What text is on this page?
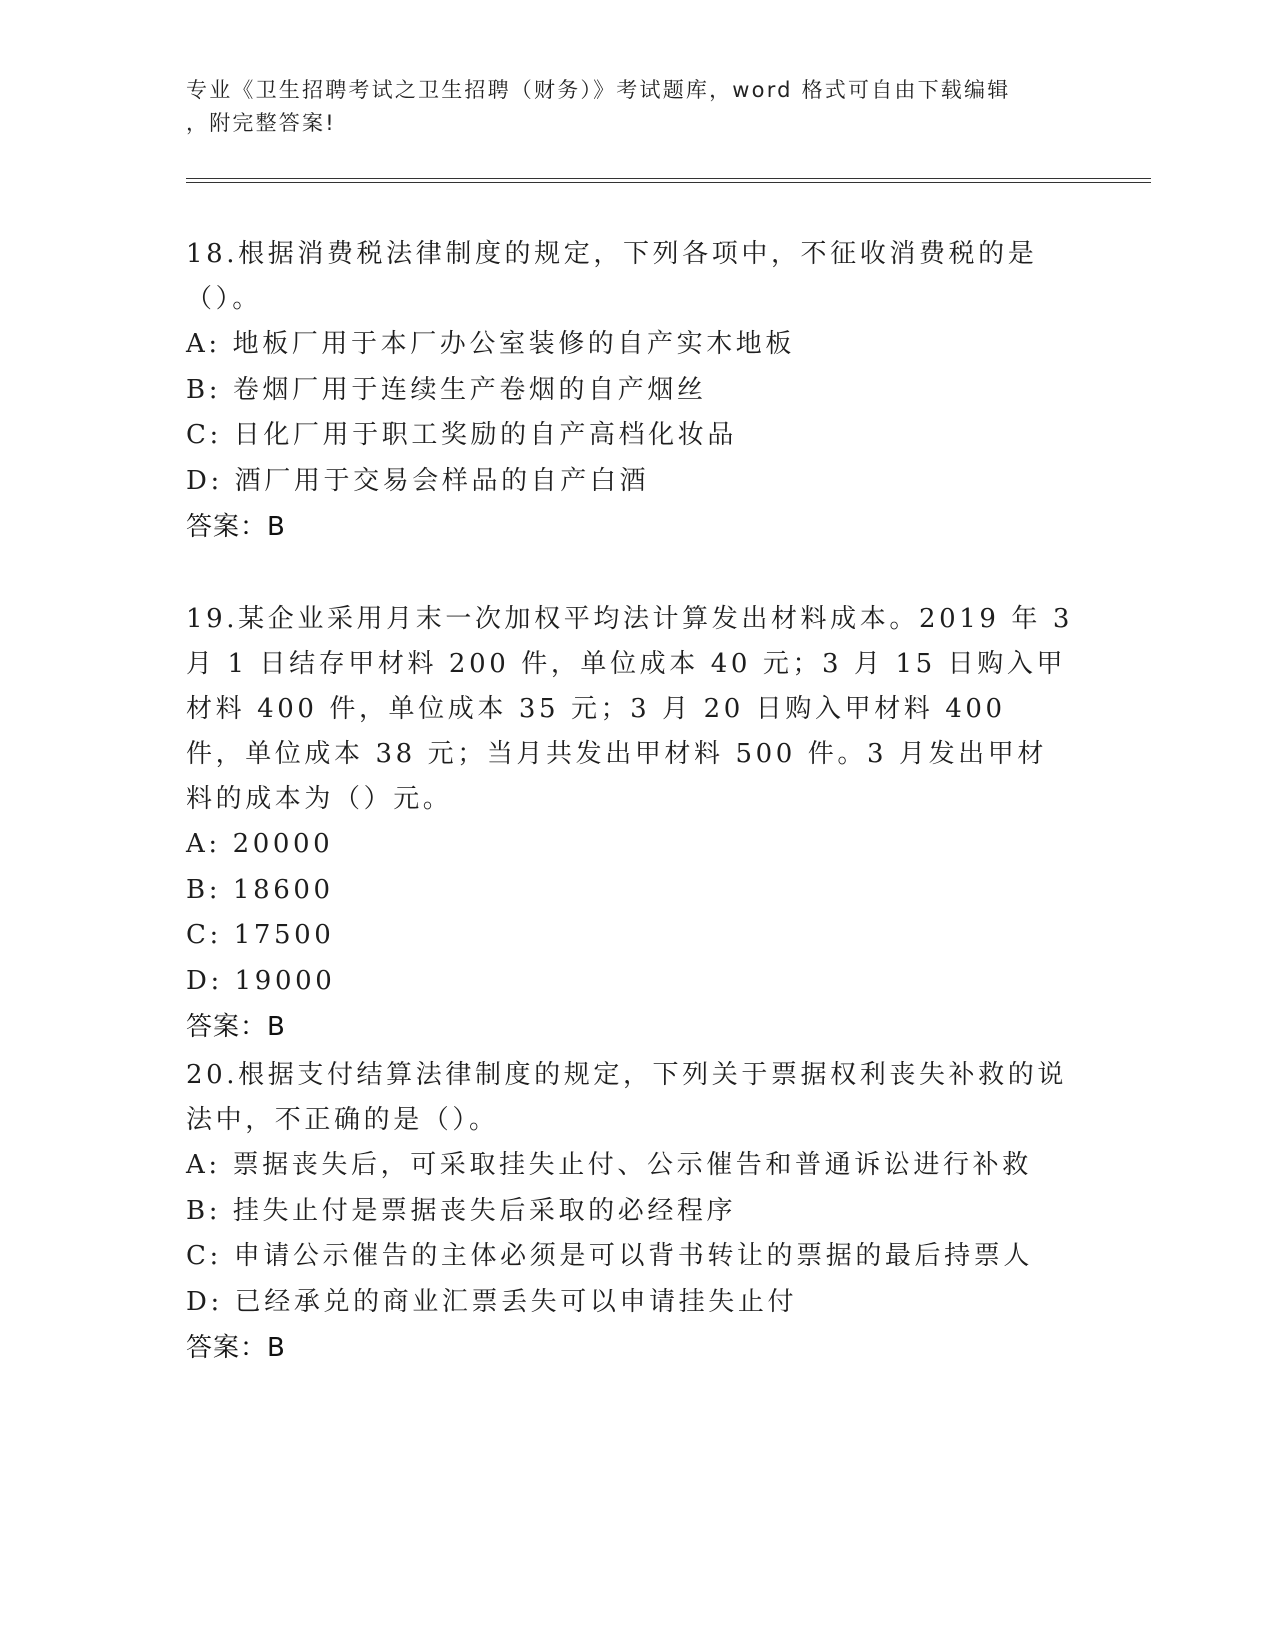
专业《卫生招聘考试之卫生招聘（财务）》考试题库，word 格式可自由下载编辑
，附完整答案!

18.根据消费税法律制度的规定，下列各项中，不征收消费税的是（）。

A: 地板厂用于本厂办公室装修的自产实木地板

B: 卷烟厂用于连续生产卷烟的自产烟丝

C: 日化厂用于职工奖励的自产高档化妆品

D: 酒厂用于交易会样品的自产白酒

答案：B

19.某企业采用月末一次加权平均法计算发出材料成本。2019 年 3 月 1 日结存甲材料 200 件，单位成本 40 元；3 月 15 日购入甲材料 400 件，单位成本 35 元；3 月 20 日购入甲材料 400 件，单位成本 38 元；当月共发出甲材料 500 件。3 月发出甲材料的成本为（）元。

A: 20000

B: 18600

C: 17500

D: 19000

答案：B

20.根据支付结算法律制度的规定，下列关于票据权利丧失补救的说法中，不正确的是（）。

A: 票据丧失后，可采取挂失止付、公示催告和普通诉讼进行补救

B: 挂失止付是票据丧失后采取的必经程序

C: 申请公示催告的主体必须是可以背书转让的票据的最后持票人

D: 已经承兑的商业汇票丢失可以申请挂失止付

答案：B
